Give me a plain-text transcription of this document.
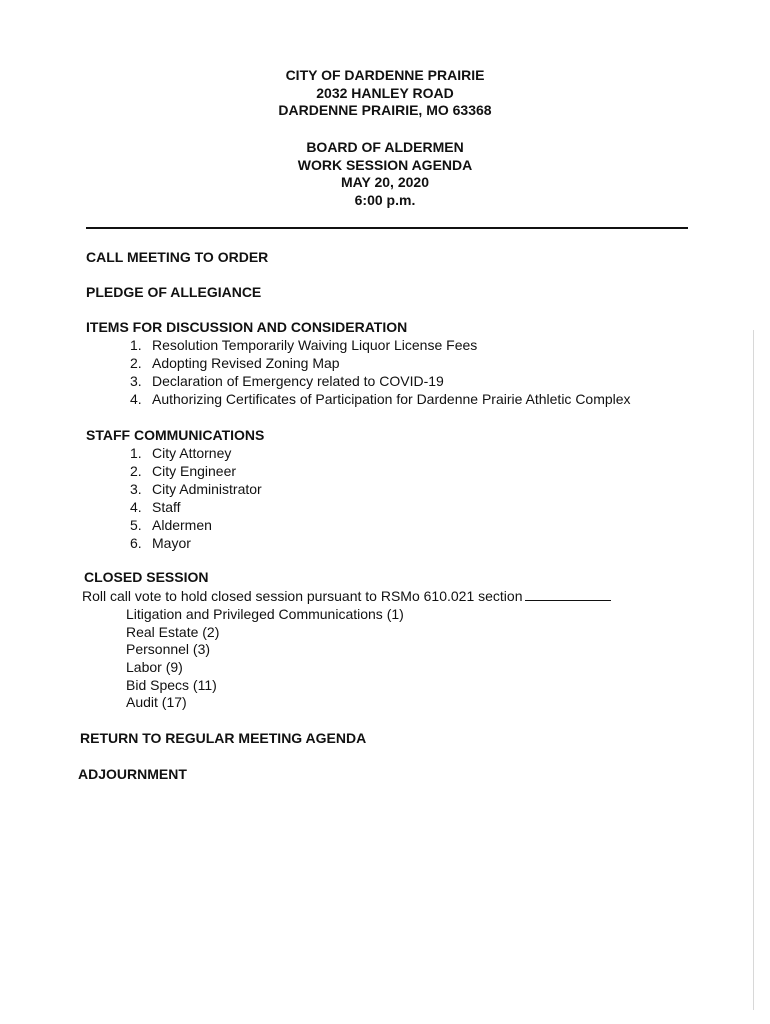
CITY OF DARDENNE PRAIRIE
2032 HANLEY ROAD
DARDENNE PRAIRIE, MO 63368
BOARD OF ALDERMEN
WORK SESSION AGENDA
MAY 20, 2020
6:00 p.m.
CALL MEETING TO ORDER
PLEDGE OF ALLEGIANCE
ITEMS FOR DISCUSSION AND CONSIDERATION
1. Resolution Temporarily Waiving Liquor License Fees
2. Adopting Revised Zoning Map
3. Declaration of Emergency related to COVID-19
4. Authorizing Certificates of Participation for Dardenne Prairie Athletic Complex
STAFF COMMUNICATIONS
1. City Attorney
2. City Engineer
3. City Administrator
4. Staff
5. Aldermen
6. Mayor
CLOSED SESSION
Roll call vote to hold closed session pursuant to RSMo 610.021 section
Litigation and Privileged Communications (1)
Real Estate (2)
Personnel (3)
Labor (9)
Bid Specs (11)
Audit (17)
RETURN TO REGULAR MEETING AGENDA
ADJOURNMENT
